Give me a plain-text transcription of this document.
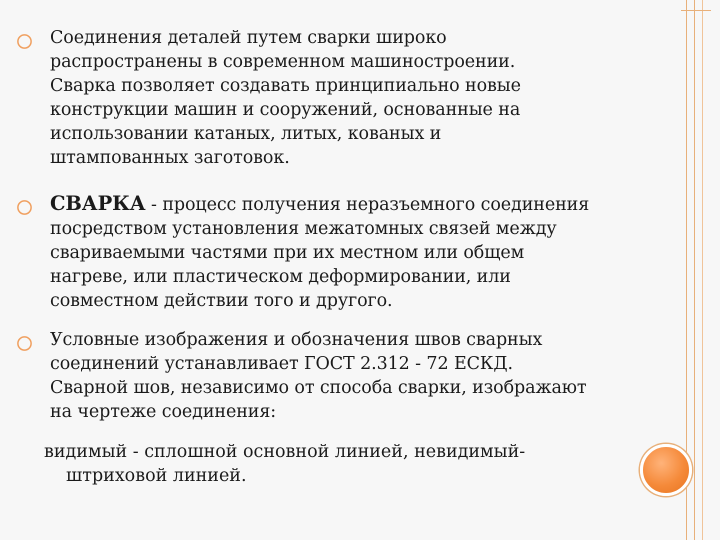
Соединения деталей путем сварки широко
распространены в современном машиностроении.
Сварка позволяет создавать принципиально новые
конструкции машин и сооружений, основанные на
использовании катаных, литых, кованых и
штампованных заготовок.

СВАРКА - процесс получения неразъемного соединения
посредством установления межатомных связей между
свариваемыми частями при их местном или общем
нагреве, или пластическом деформировании, или
совместном действии того и другого.

Условные изображения и обозначения швов сварных
соединений устанавливает ГОСТ 2.312 - 72 ЕСКД.
Сварной шов, независимо от способа сварки, изображают
на чертеже соединения:

видимый - сплошной основной линией, невидимый-
штриховой линией.
